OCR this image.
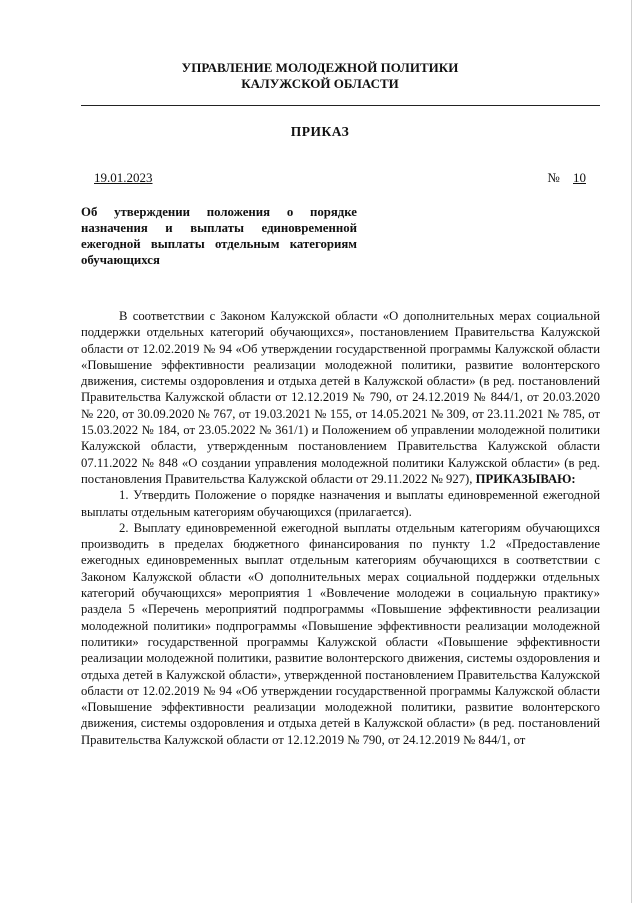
УПРАВЛЕНИЕ МОЛОДЕЖНОЙ ПОЛИТИКИ
КАЛУЖСКОЙ ОБЛАСТИ
ПРИКАЗ
19.01.2023	№ 10
Об утверждении положения о порядке назначения и выплаты единовременной ежегодной выплаты отдельным категориям обучающихся

В соответствии с Законом Калужской области «О дополнительных мерах социальной поддержки отдельных категорий обучающихся», постановлением Правительства Калужской области от 12.02.2019 № 94 «Об утверждении государственной программы Калужской области «Повышение эффективности реализации молодежной политики, развитие волонтерского движения, системы оздоровления и отдыха детей в Калужской области» (в ред. постановлений Правительства Калужской области от 12.12.2019 № 790, от 24.12.2019 № 844/1, от 20.03.2020 № 220, от 30.09.2020 № 767, от 19.03.2021 № 155, от 14.05.2021 № 309, от 23.11.2021 № 785, от 15.03.2022 № 184, от 23.05.2022 № 361/1) и Положением об управлении молодежной политики Калужской области, утвержденным постановлением Правительства Калужской области 07.11.2022 № 848 «О создании управления молодежной политики Калужской области» (в ред. постановления Правительства Калужской области от 29.11.2022 № 927), ПРИКАЗЫВАЮ:

1. Утвердить Положение о порядке назначения и выплаты единовременной ежегодной выплаты отдельным категориям обучающихся (прилагается).

2. Выплату единовременной ежегодной выплаты отдельным категориям обучающихся производить в пределах бюджетного финансирования по пункту 1.2 «Предоставление ежегодных единовременных выплат отдельным категориям обучающихся в соответствии с Законом Калужской области «О дополнительных мерах социальной поддержки отдельных категорий обучающихся» мероприятия 1 «Вовлечение молодежи в социальную практику» раздела 5 «Перечень мероприятий подпрограммы «Повышение эффективности реализации молодежной политики» подпрограммы «Повышение эффективности реализации молодежной политики» государственной программы Калужской области «Повышение эффективности реализации молодежной политики, развитие волонтерского движения, системы оздоровления и отдыха детей в Калужской области», утвержденной постановлением Правительства Калужской области от 12.02.2019 № 94 «Об утверждении государственной программы Калужской области «Повышение эффективности реализации молодежной политики, развитие волонтерского движения, системы оздоровления и отдыха детей в Калужской области» (в ред. постановлений Правительства Калужской области от 12.12.2019 № 790, от 24.12.2019 № 844/1, от
